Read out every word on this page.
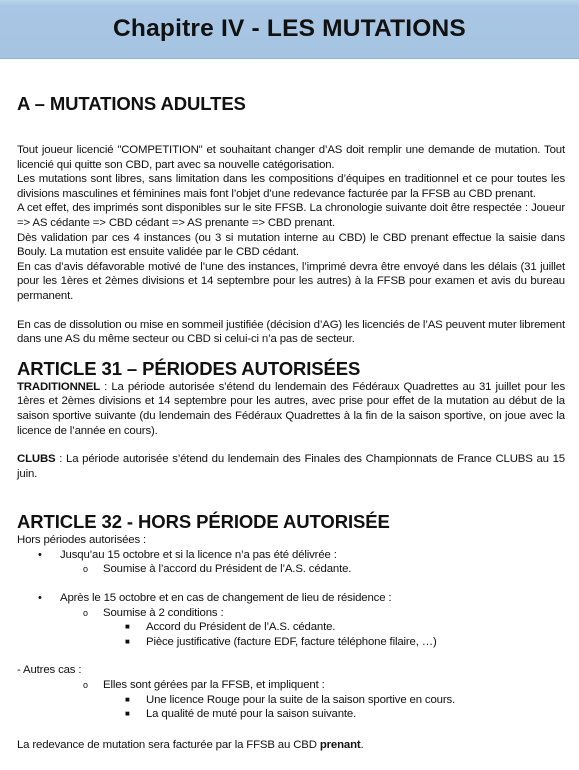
Chapitre IV - LES MUTATIONS
A – MUTATIONS ADULTES

Tout joueur licencié "COMPETITION" et souhaitant changer d’AS doit remplir une demande de mutation. Tout licencié qui quitte son CBD, part avec sa nouvelle catégorisation.

Les mutations sont libres, sans limitation dans les compositions d’équipes en traditionnel et ce pour toutes les divisions masculines et féminines mais font l’objet d’une redevance facturée par la FFSB au CBD prenant.

A cet effet, des imprimés sont disponibles sur le site FFSB. La chronologie suivante doit être respectée : Joueur => AS cédante => CBD cédant => AS prenante => CBD prenant.

Dès validation par ces 4 instances (ou 3 si mutation interne au CBD) le CBD prenant effectue la saisie dans Bouly. La mutation est ensuite validée par le CBD cédant.

En cas d’avis défavorable motivé de l’une des instances, l’imprimé devra être envoyé dans les délais (31 juillet pour les 1ères et 2èmes divisions et 14 septembre pour les autres) à la FFSB pour examen et avis du bureau permanent.

En cas de dissolution ou mise en sommeil justifiée (décision d’AG) les licenciés de l’AS peuvent muter librement dans une AS du même secteur ou CBD si celui-ci n’a pas de secteur.

ARTICLE 31 – PÉRIODES AUTORISÉES

TRADITIONNEL : La période autorisée s’étend du lendemain des Fédéraux Quadrettes au 31 juillet pour les 1ères et 2èmes divisions et 14 septembre pour les autres, avec prise pour effet de la mutation au début de la saison sportive suivante (du lendemain des Fédéraux Quadrettes à la fin de la saison sportive, on joue avec la licence de l’année en cours).

CLUBS : La période autorisée s’étend du lendemain des Finales des Championnats de France CLUBS au 15 juin.

ARTICLE 32 - HORS PÉRIODE AUTORISÉE

Hors périodes autorisées :

• Jusqu’au 15 octobre et si la licence n’a pas été délivrée :
o Soumise à l’accord du Président de l’A.S. cédante.
• Après le 15 octobre et en cas de changement de lieu de résidence :
o Soumise à 2 conditions :
■ Accord du Président de l’A.S. cédante.
■ Pièce justificative (facture EDF, facture téléphone filaire, …)

- Autres cas :

o Elles sont gérées par la FFSB, et impliquent :
■ Une licence Rouge pour la suite de la saison sportive en cours.
■ La qualité de muté pour la saison suivante.

La redevance de mutation sera facturée par la FFSB au CBD prenant.
